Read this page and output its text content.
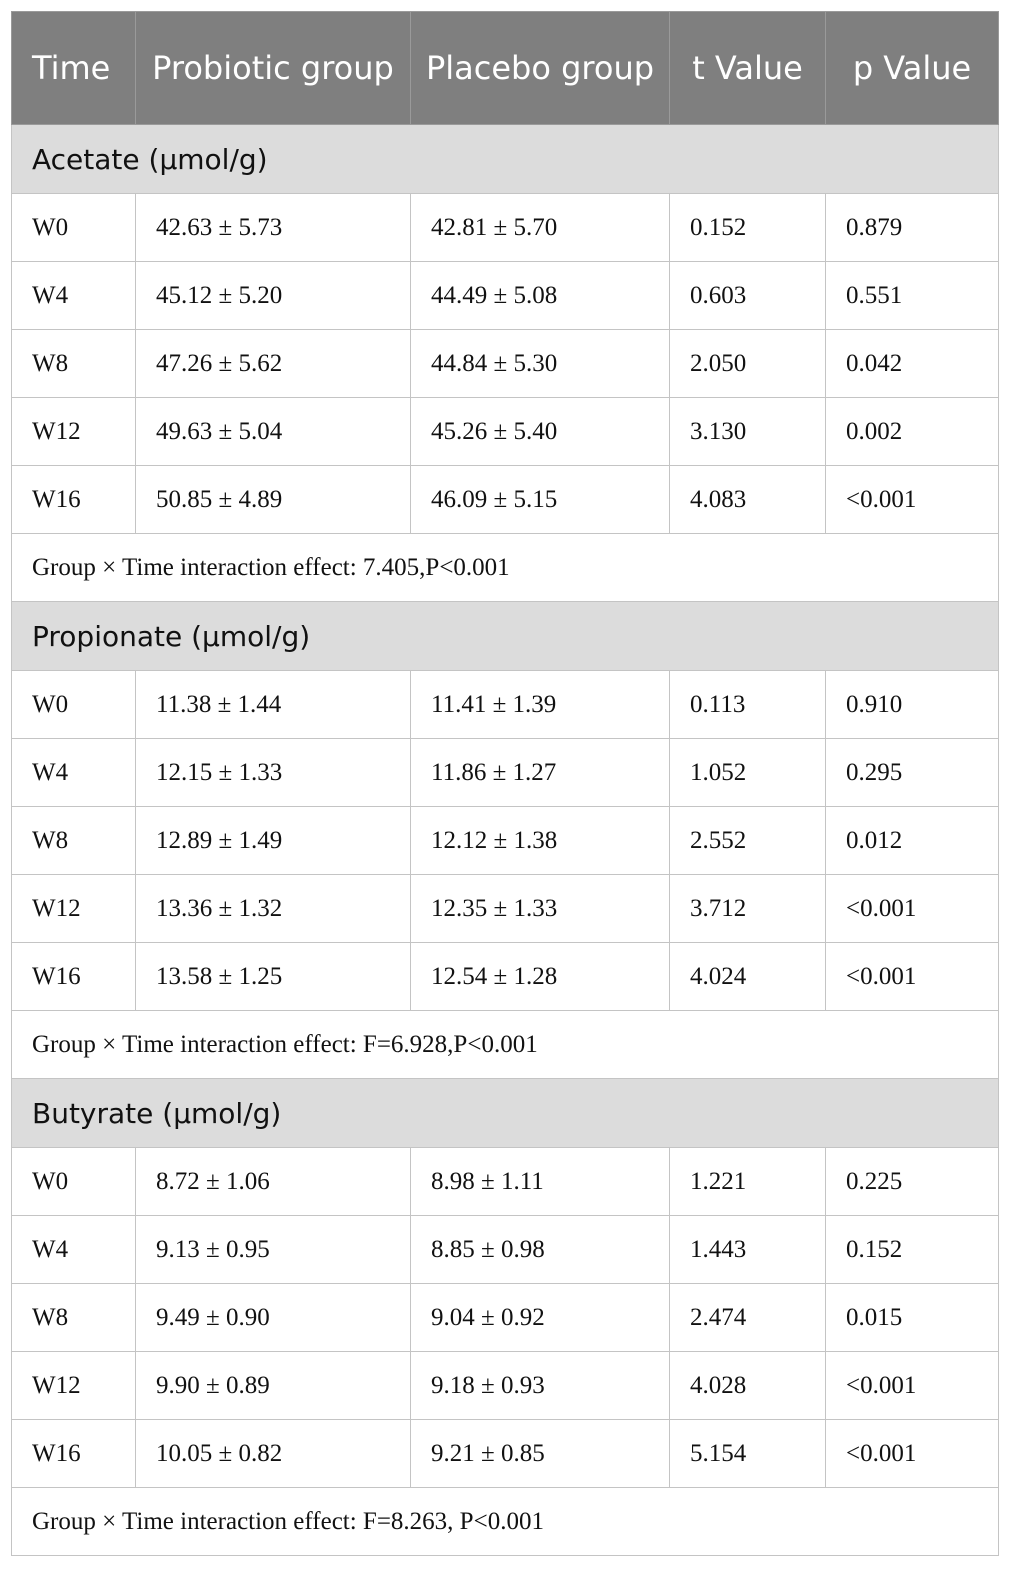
Time	Probiotic group	Placebo group	t Value	p Value
Acetate (μmol/g)				
W0	42.63 ± 5.73	42.81 ± 5.70	0.152	0.879
W4	45.12 ± 5.20	44.49 ± 5.08	0.603	0.551
W8	47.26 ± 5.62	44.84 ± 5.30	2.050	0.042
W12	49.63 ± 5.04	45.26 ± 5.40	3.130	0.002
W16	50.85 ± 4.89	46.09 ± 5.15	4.083	<0.001
Group × Time interaction effect: 7.405,P<0.001				
Propionate (μmol/g)				
W0	11.38 ± 1.44	11.41 ± 1.39	0.113	0.910
W4	12.15 ± 1.33	11.86 ± 1.27	1.052	0.295
W8	12.89 ± 1.49	12.12 ± 1.38	2.552	0.012
W12	13.36 ± 1.32	12.35 ± 1.33	3.712	<0.001
W16	13.58 ± 1.25	12.54 ± 1.28	4.024	<0.001
Group × Time interaction effect: F=6.928,P<0.001				
Butyrate (μmol/g)				
W0	8.72 ± 1.06	8.98 ± 1.11	1.221	0.225
W4	9.13 ± 0.95	8.85 ± 0.98	1.443	0.152
W8	9.49 ± 0.90	9.04 ± 0.92	2.474	0.015
W12	9.90 ± 0.89	9.18 ± 0.93	4.028	<0.001
W16	10.05 ± 0.82	9.21 ± 0.85	5.154	<0.001
Group × Time interaction effect: F=8.263, P<0.001				
